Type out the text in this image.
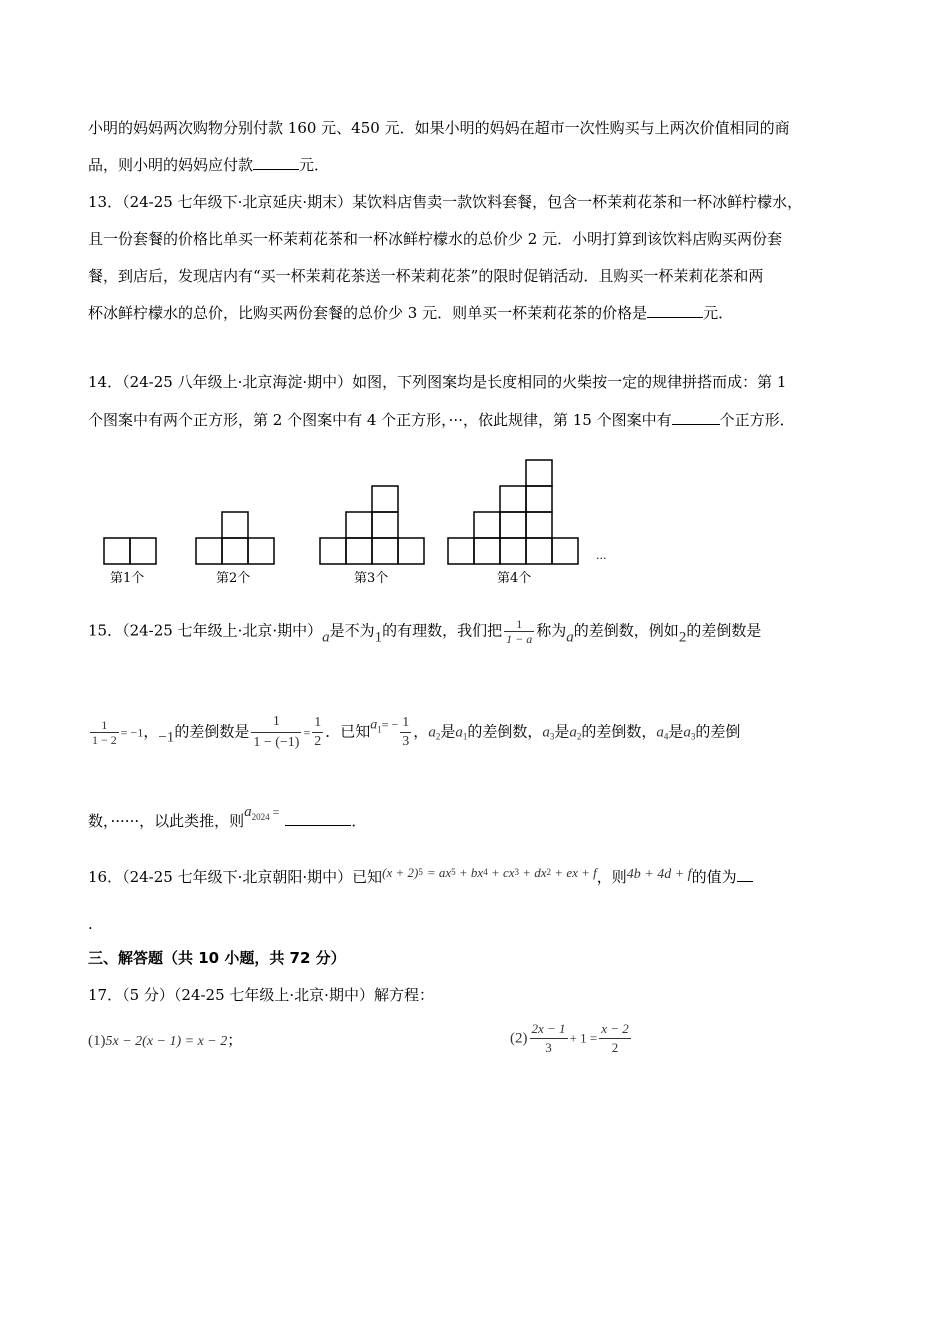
小明的妈妈两次购物分别付款 160 元、450 元．如果小明的妈妈在超市一次性购买与上两次价值相同的商
品，则小明的妈妈应付款	元．
13．（24-25 七年级下·北京延庆·期末）某饮料店售卖一款饮料套餐，包含一杯茉莉花茶和一杯冰鲜柠檬水，
且一份套餐的价格比单买一杯茉莉花茶和一杯冰鲜柠檬水的总价少 2 元．小明打算到该饮料店购买两份套
餐，到店后，发现店内有“买一杯茉莉花茶送一杯茉莉花茶”的限时促销活动．且购买一杯茉莉花茶和两
杯冰鲜柠檬水的总价，比购买两份套餐的总价少 3 元．则单买一杯茉莉花茶的价格是	元．
14．（24-25 八年级上·北京海淀·期中）如图，下列图案均是长度相同的火柴按一定的规律拼搭而成：第 1
个图案中有两个正方形，第 2 个图案中有 4 个正方形，···，依此规律，第 15 个图案中有	个正方形．
第1个	第2个	第3个	第4个
...
15．（24-25 七年级上·北京·期中）a是不为1的有理数，我们把 $\frac{1}{1 - a}$ 称为a的差倒数，例如2的差倒数是
$\frac{1}{1 - 2} = -1$，−1的差倒数是 $\frac{1}{1 - (-1)} = \frac{1}{2}$ ．已知$a^{1= -} \frac{1}{3}$ ，$a_2$是$a_1$的差倒数，$a_3$是$a_2$的差倒数，$a_4$是$a_3$的差倒
数，······，以此类推，则$a^{2024}$ =	．
16．（24-25 七年级下·北京朝阳·期中）已知$(x + 2)^5 = ax^5 + bx^4 + cx^3 + dx^2$ + ex + f，则4b + 4d + f的值为
.
三、解答题（共 10 小题，共 72 分）
17．（5 分）（24-25 七年级上·北京·期中）解方程：
(1)5x − 2(x − 1) = x − 2；	$(2) \frac{2x - 1}{3} + 1 = \frac{x - 2}{2}$
